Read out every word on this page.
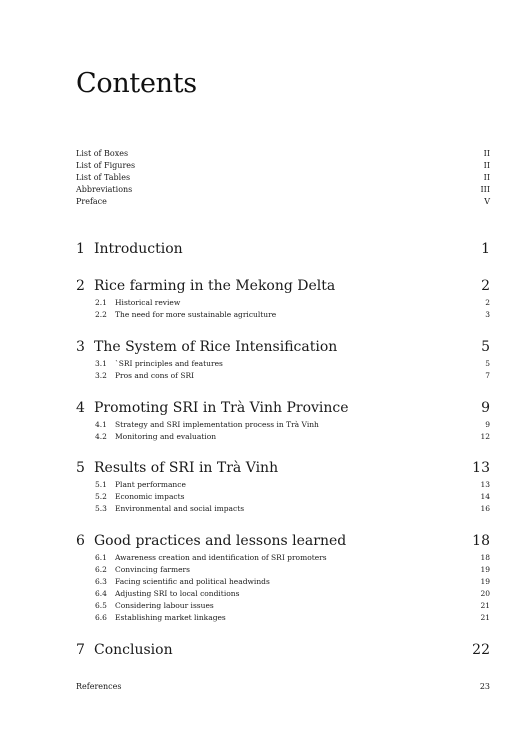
Contents
List of Boxes	II
List of Figures	II
List of Tables	II
Abbreviations	III
Preface	V
1 Introduction	1
2 Rice farming in the Mekong Delta	2
2.1	Historical review	2
2.2	The need for more sustainable agriculture	3
3 The System of Rice Intensification	5
3.1	`SRI principles and features	5
3.2	Pros and cons of SRI	7
4 Promoting SRI in Trà Vinh Province	9
4.1	Strategy and SRI implementation process in Trà Vinh	9
4.2	Monitoring and evaluation	12
5 Results of SRI in Trà Vinh	13
5.1	Plant performance	13
5.2	Economic impacts	14
5.3	Environmental and social impacts	16
6 Good practices and lessons learned	18
6.1	Awareness creation and identification of SRI promoters	18
6.2	Convincing farmers	19
6.3	Facing scientific and political headwinds	19
6.4	Adjusting SRI to local conditions	20
6.5	Considering labour issues	21
6.6	Establishing market linkages	21
7 Conclusion	22
References	23
